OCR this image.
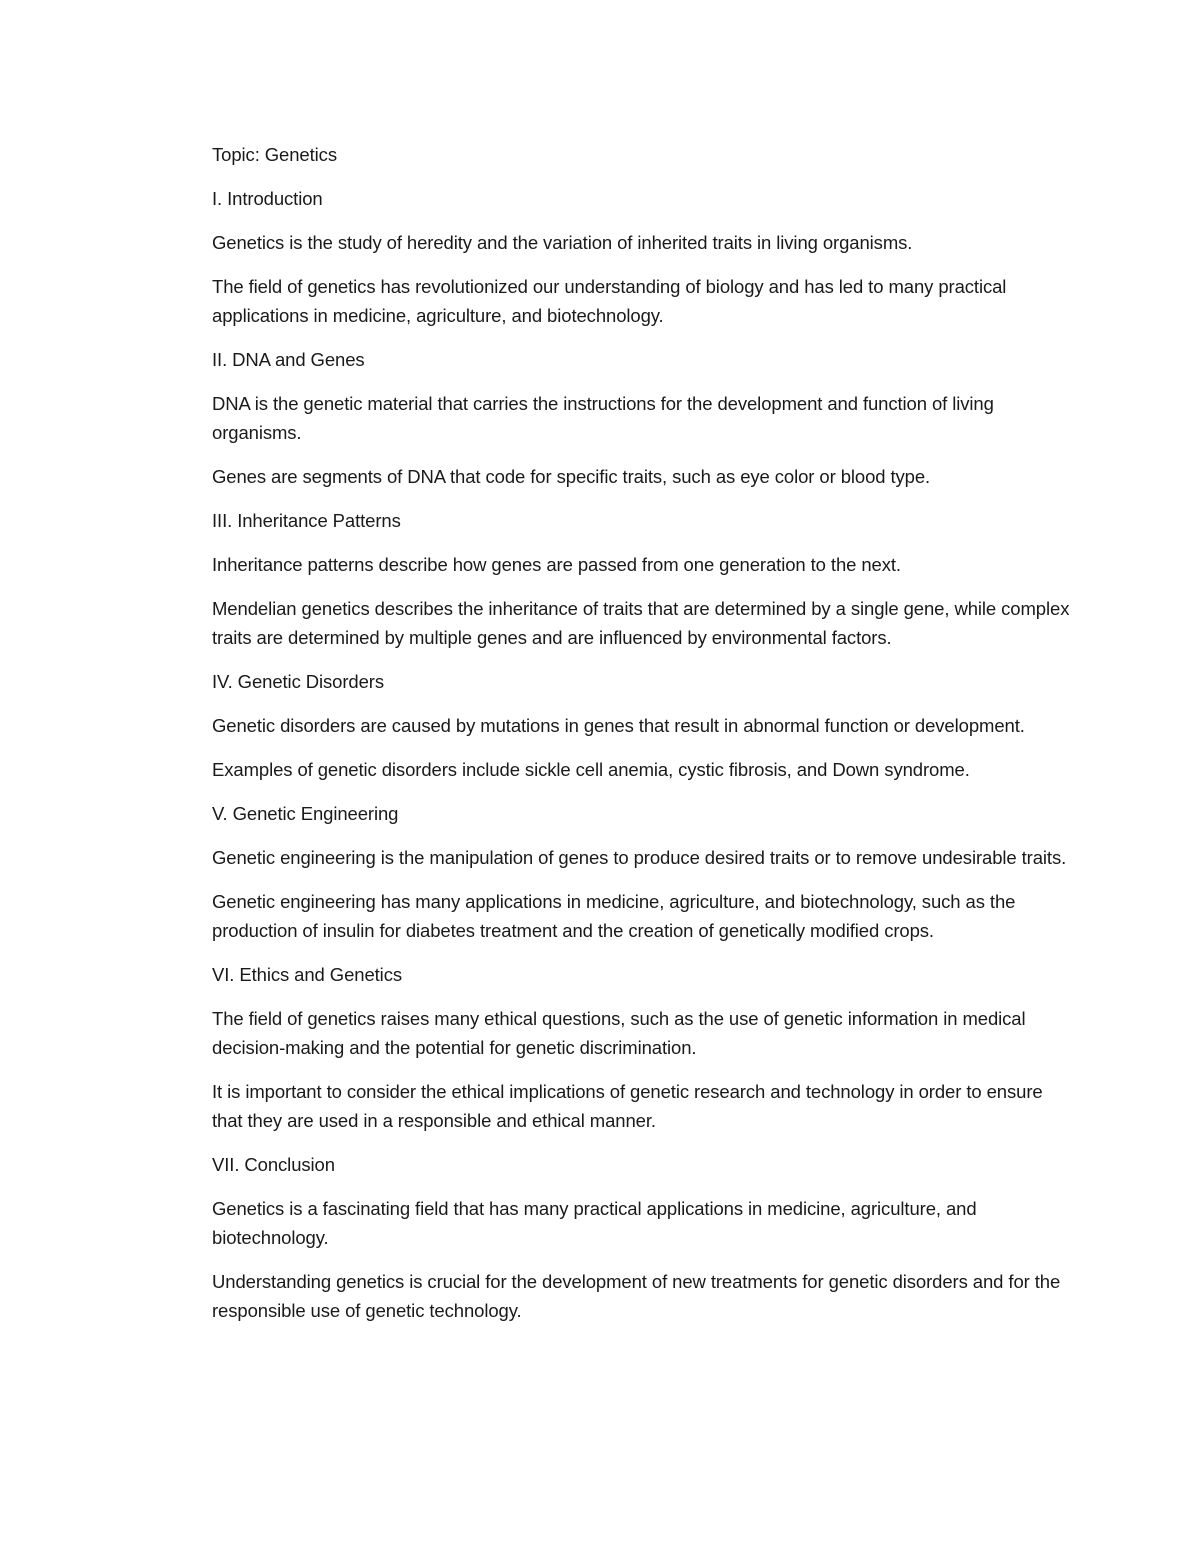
Topic: Genetics

I. Introduction

Genetics is the study of heredity and the variation of inherited traits in living organisms.

The field of genetics has revolutionized our understanding of biology and has led to many practical applications in medicine, agriculture, and biotechnology.

II. DNA and Genes

DNA is the genetic material that carries the instructions for the development and function of living organisms.

Genes are segments of DNA that code for specific traits, such as eye color or blood type.

III. Inheritance Patterns

Inheritance patterns describe how genes are passed from one generation to the next.

Mendelian genetics describes the inheritance of traits that are determined by a single gene, while complex traits are determined by multiple genes and are influenced by environmental factors.

IV. Genetic Disorders

Genetic disorders are caused by mutations in genes that result in abnormal function or development.

Examples of genetic disorders include sickle cell anemia, cystic fibrosis, and Down syndrome.

V. Genetic Engineering

Genetic engineering is the manipulation of genes to produce desired traits or to remove undesirable traits.

Genetic engineering has many applications in medicine, agriculture, and biotechnology, such as the production of insulin for diabetes treatment and the creation of genetically modified crops.

VI. Ethics and Genetics

The field of genetics raises many ethical questions, such as the use of genetic information in medical decision-making and the potential for genetic discrimination.

It is important to consider the ethical implications of genetic research and technology in order to ensure that they are used in a responsible and ethical manner.

VII. Conclusion

Genetics is a fascinating field that has many practical applications in medicine, agriculture, and biotechnology.

Understanding genetics is crucial for the development of new treatments for genetic disorders and for the responsible use of genetic technology.
